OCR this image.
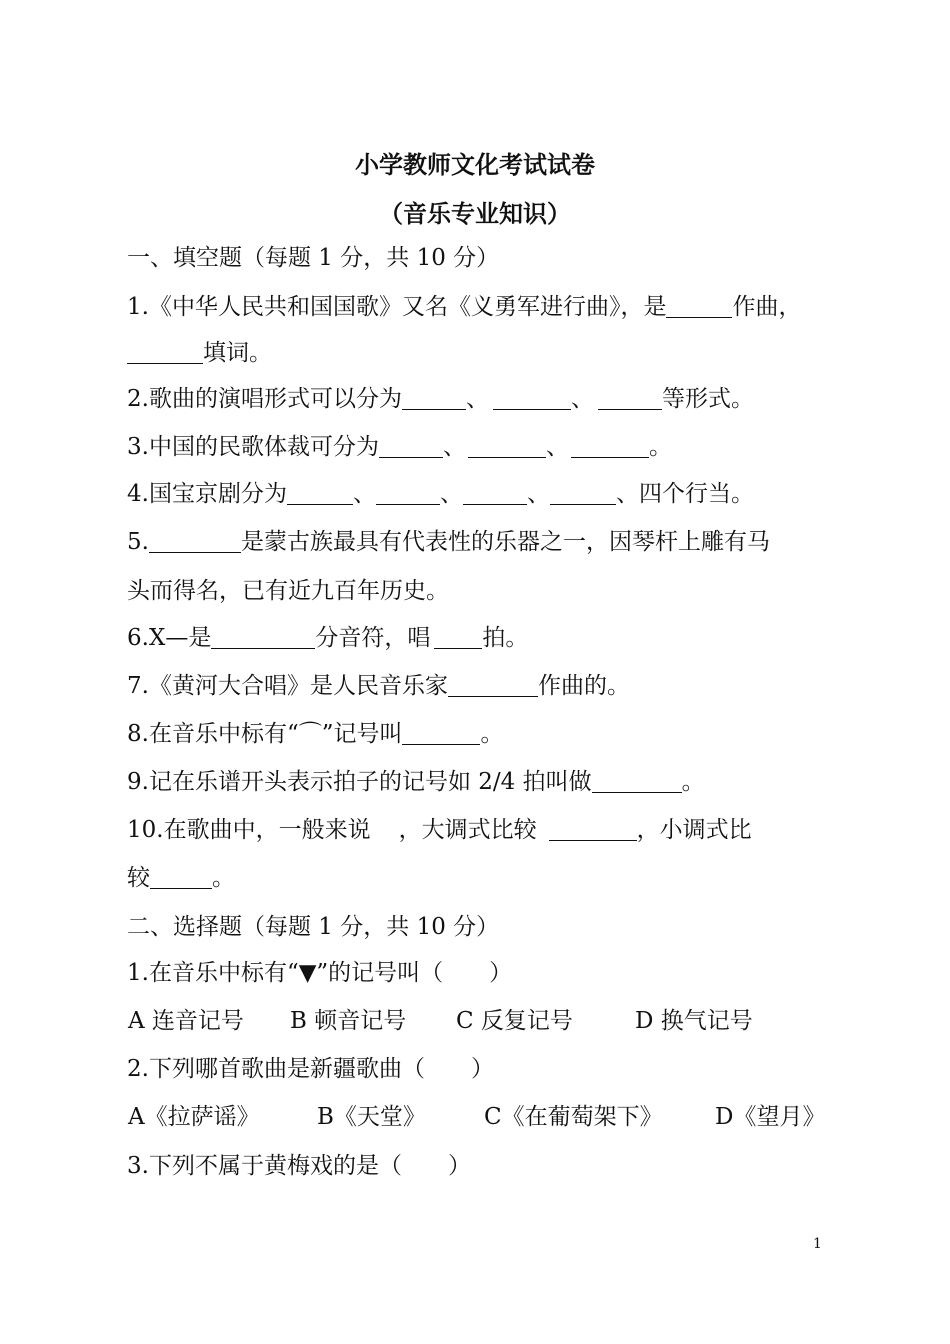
小学教师文化考试试卷
（音乐专业知识）
一、填空题（每题 1 分，共 10 分）
1.《中华人民共和国国歌》又名《义勇军进行曲》，是	作曲，
填词。
2.歌曲的演唱形式可以分为	、	、	等形式。
3.中国的民歌体裁可分为	、	、	。
4.国宝京剧分为	、	、	、	、四个行当。
5.	是蒙古族最具有代表性的乐器之一，因琴杆上雕有马
头而得名，已有近九百年历史。
6.X—是	分音符，唱 拍。
7.《黄河大合唱》是人民音乐家	作曲的。
8.在音乐中标有“⌒”记号叫	。
9.记在乐谱开头表示拍子的记号如 2/4 拍叫做	。
10.在歌曲中，一般来说 ，大调式比较	，小调式比
较	。
二、选择题（每题 1 分，共 10 分）
1.在音乐中标有“▼”的记号叫（　　）
A 连音记号 B 顿音记号 C 反复记号	D 换气记号
2.下列哪首歌曲是新疆歌曲（　　）
A《拉萨谣》 B《天堂》	C《在葡萄架下》 D《望月》
3.下列不属于黄梅戏的是（　　）
1
